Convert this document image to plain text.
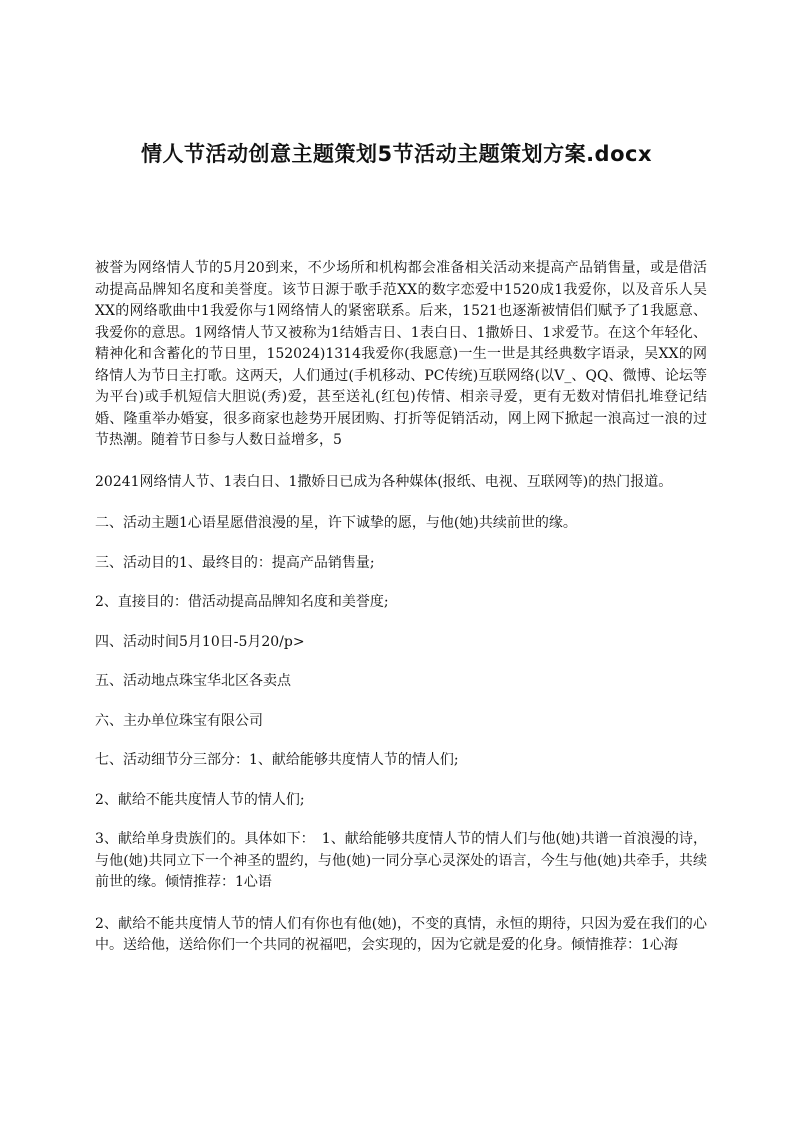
情人节活动创意主题策划5节活动主题策划方案.docx

被誉为网络情人节的5月20到来，不少场所和机构都会准备相关活动来提高产品销售量，或是借活动提高品牌知名度和美誉度。该节日源于歌手范XX的数字恋爱中1520成1我爱你，以及音乐人吴XX的网络歌曲中1我爱你与1网络情人的紧密联系。后来，1521也逐渐被情侣们赋予了1我愿意、我爱你的意思。1网络情人节又被称为1结婚吉日、1表白日、1撒娇日、1求爱节。在这个年轻化、精神化和含蓄化的节日里，152024)1314我爱你(我愿意)一生一世是其经典数字语录，吴XX的网络情人为节日主打歌。这两天，人们通过(手机移动、PC传统)互联网络(以V_、QQ、微博、论坛等为平台)或手机短信大胆说(秀)爱，甚至送礼(红包)传情、相亲寻爱，更有无数对情侣扎堆登记结婚、隆重举办婚宴，很多商家也趁势开展团购、打折等促销活动，网上网下掀起一浪高过一浪的过节热潮。随着节日参与人数日益增多，5

20241网络情人节、1表白日、1撒娇日已成为各种媒体(报纸、电视、互联网等)的热门报道。

二、活动主题1心语星愿借浪漫的星，许下诚挚的愿，与他(她)共续前世的缘。

三、活动目的1、最终目的：提高产品销售量;

2、直接目的：借活动提高品牌知名度和美誉度;

四、活动时间5月10日-5月20/p>

五、活动地点珠宝华北区各卖点

六、主办单位珠宝有限公司

七、活动细节分三部分：1、献给能够共度情人节的情人们;

2、献给不能共度情人节的情人们;

3、献给单身贵族们的。具体如下：　1、献给能够共度情人节的情人们与他(她)共谱一首浪漫的诗，与他(她)共同立下一个神圣的盟约，与他(她)一同分享心灵深处的语言，今生与他(她)共牵手，共续前世的缘。倾情推荐：1心语

2、献给不能共度情人节的情人们有你也有他(她)，不变的真情，永恒的期待，只因为爱在我们的心中。送给他，送给你们一个共同的祝福吧，会实现的，因为它就是爱的化身。倾情推荐：1心海
